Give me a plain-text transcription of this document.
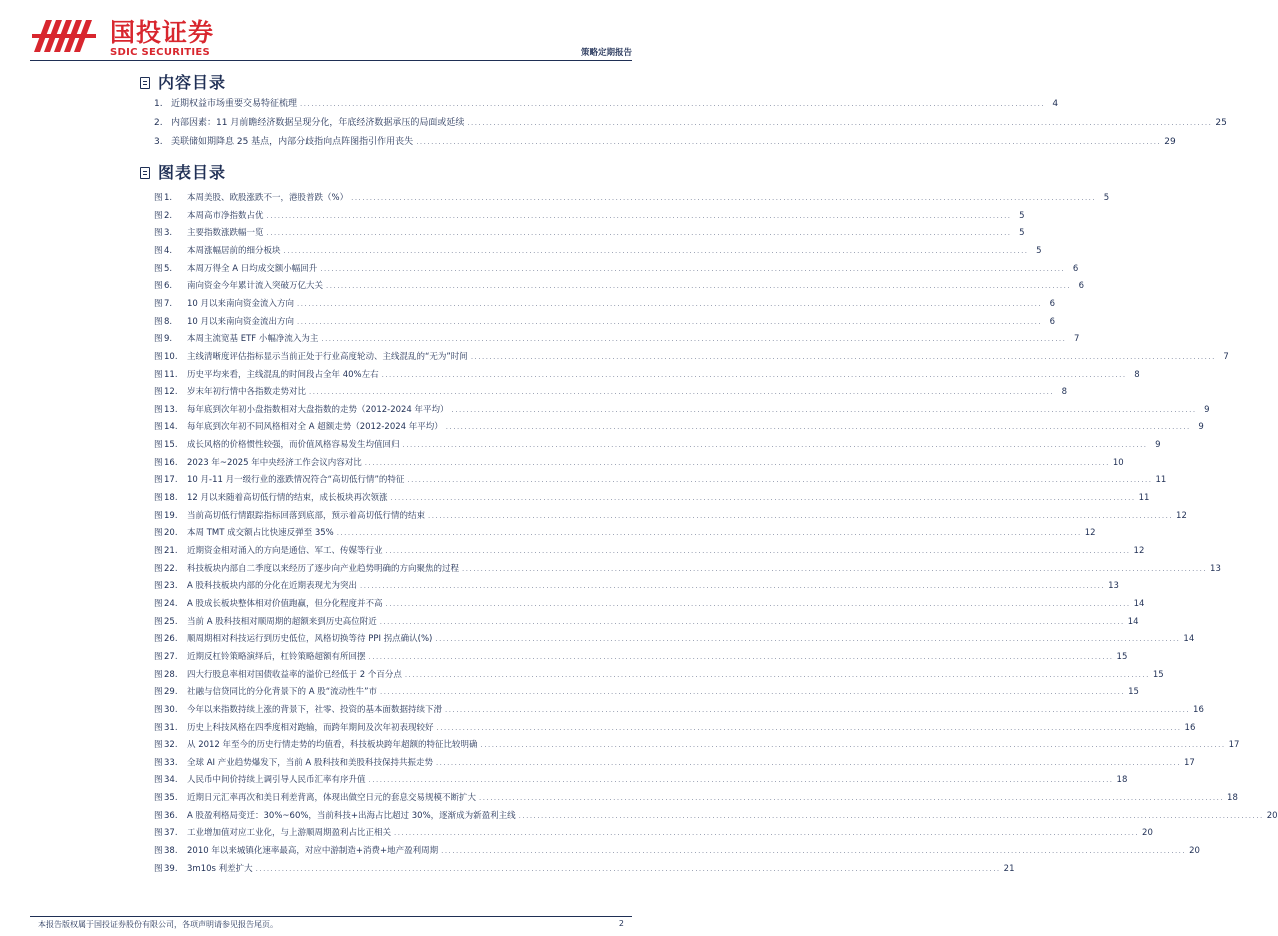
国投证券
SDIC SECURITIES	策略定期报告
内容目录
1. 近期权益市场重要交易特征梳理 ........................................................................................................................................................................................................ 4
2. 内部因素：11 月前瞻经济数据呈现分化，年底经济数据承压的局面或延续 ........................................................................................................................................................................................................ 25
3. 美联储如期降息 25 基点，内部分歧指向点阵图指引作用丧失 ........................................................................................................................................................................................................ 29
图表目录
图 1.	本周美股、欧股涨跌不一，港股普跌（%） ........................................................................................................................................................................................................ 5
图 2.	本周高市净指数占优 ........................................................................................................................................................................................................ 5
图 3.	主要指数涨跌幅一览 ........................................................................................................................................................................................................ 5
图 4.	本周涨幅居前的细分板块 ........................................................................................................................................................................................................ 5
图 5.	本周万得全 A 日均成交额小幅回升 ........................................................................................................................................................................................................ 6
图 6.	南向资金今年累计流入突破万亿大关 ........................................................................................................................................................................................................ 6
图 7.	10 月以来南向资金流入方向 ........................................................................................................................................................................................................ 6
图 8.	10 月以来南向资金流出方向 ........................................................................................................................................................................................................ 6
图 9.	本周主流宽基 ETF 小幅净流入为主 ........................................................................................................................................................................................................ 7
图 10.	主线清晰度评估指标显示当前正处于行业高度轮动、主线混乱的“无为”时间 ........................................................................................................................................................................................................ 7
图 11.	历史平均来看，主线混乱的时间段占全年 40%左右 ........................................................................................................................................................................................................ 8
图 12.	岁末年初行情中各指数走势对比 ........................................................................................................................................................................................................ 8
图 13.	每年底到次年初小盘指数相对大盘指数的走势（2012-2024 年平均） ........................................................................................................................................................................................................ 9
图 14.	每年底到次年初不同风格相对全 A 超额走势（2012-2024 年平均） ........................................................................................................................................................................................................ 9
图 15.	成长风格的价格惯性较强，而价值风格容易发生均值回归 ........................................................................................................................................................................................................ 9
图 16.	2023 年~2025 年中央经济工作会议内容对比 ........................................................................................................................................................................................................ 10
图 17.	10 月-11 月一级行业的涨跌情况符合“高切低行情”的特征 ........................................................................................................................................................................................................ 11
图 18.	12 月以来随着高切低行情的结束，成长板块再次领涨 ........................................................................................................................................................................................................ 11
图 19.	当前高切低行情跟踪指标回落到底部，预示着高切低行情的结束 ........................................................................................................................................................................................................ 12
图 20.	本周 TMT 成交额占比快速反弹至 35% ........................................................................................................................................................................................................ 12
图 21.	近期资金相对涌入的方向是通信、军工、传媒等行业 ........................................................................................................................................................................................................ 12
图 22.	科技板块内部自二季度以来经历了逐步向产业趋势明确的方向聚焦的过程 ........................................................................................................................................................................................................ 13
图 23.	A 股科技板块内部的分化在近期表现尤为突出 ........................................................................................................................................................................................................ 13
图 24.	A 股成长板块整体相对价值跑赢，但分化程度并不高 ........................................................................................................................................................................................................ 14
图 25.	当前 A 股科技相对顺周期的超额来到历史高位附近 ........................................................................................................................................................................................................ 14
图 26.	顺周期相对科技运行到历史低位，风格切换等待 PPI 拐点确认(%) ........................................................................................................................................................................................................ 14
图 27.	近期反杠铃策略演绎后，杠铃策略超额有所回摆 ........................................................................................................................................................................................................ 15
图 28.	四大行股息率相对国债收益率的溢价已经低于 2 个百分点 ........................................................................................................................................................................................................ 15
图 29.	社融与信贷同比的分化背景下的 A 股“流动性牛”市 ........................................................................................................................................................................................................ 15
图 30.	今年以来指数持续上涨的背景下，社零、投资的基本面数据持续下滑 ........................................................................................................................................................................................................ 16
图 31.	历史上科技风格在四季度相对跑输，而跨年期间及次年初表现较好 ........................................................................................................................................................................................................ 16
图 32.	从 2012 年至今的历史行情走势的均值看，科技板块跨年超额的特征比较明确 ........................................................................................................................................................................................................ 17
图 33.	全球 AI 产业趋势爆发下，当前 A 股科技和美股科技保持共振走势 ........................................................................................................................................................................................................ 17
图 34.	人民币中间价持续上调引导人民币汇率有序升值 ........................................................................................................................................................................................................ 18
图 35.	近期日元汇率再次和美日利差背离，体现出做空日元的套息交易规模不断扩大 ........................................................................................................................................................................................................ 18
图 36.	A 股盈利格局变迁：30%~60%，当前科技+出海占比超过 30%，逐渐成为新盈利主线 ........................................................................................................................................................................................................ 20
图 37.	工业增加值对应工业化，与上游顺周期盈利占比正相关 ........................................................................................................................................................................................................ 20
图 38.	2010 年以来城镇化速率最高，对应中游制造+消费+地产盈利周期 ........................................................................................................................................................................................................ 20
图 39.	3m10s 利差扩大 ........................................................................................................................................................................................................ 21
本报告版权属于国投证券股份有限公司，各项声明请参见报告尾页。	2
